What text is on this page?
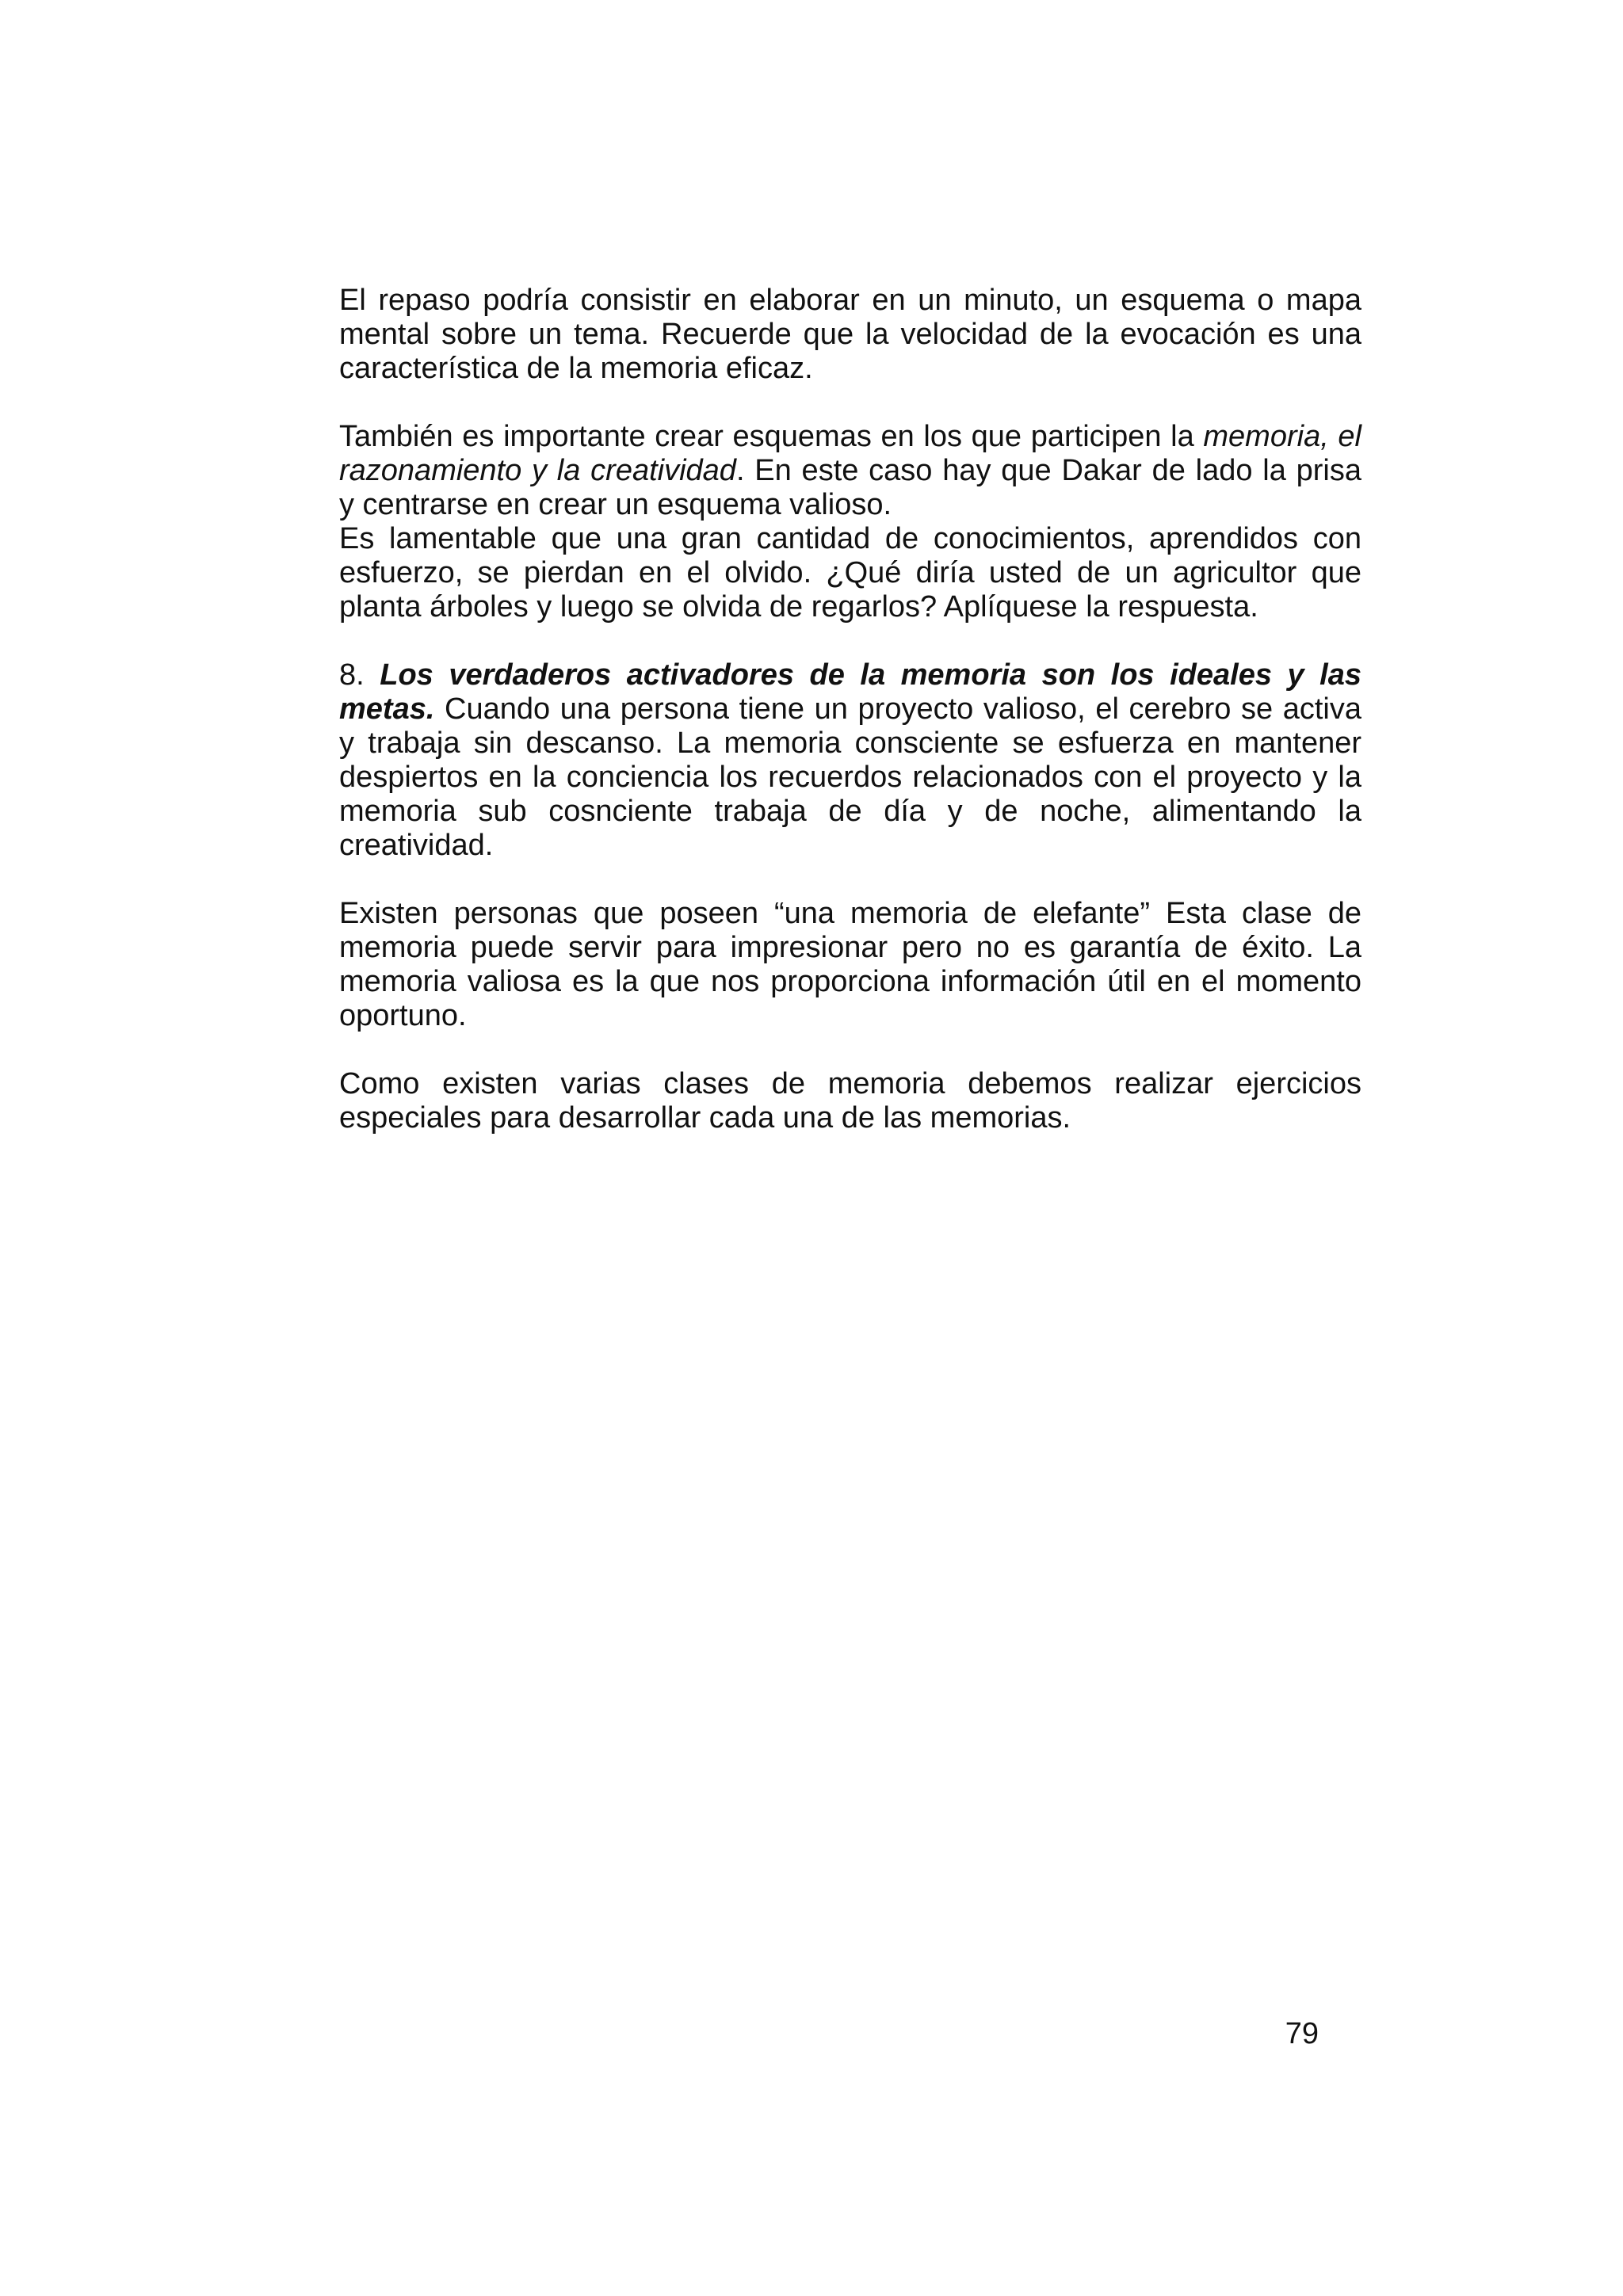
El repaso podría consistir en elaborar en un minuto, un esquema o mapa mental sobre un tema. Recuerde que la velocidad de la evocación es una característica de la memoria eficaz.

También es importante crear esquemas en los que participen la memoria, el razonamiento y la creatividad. En este caso hay que Dakar de lado la prisa y centrarse en crear un esquema valioso.

Es lamentable que una gran cantidad de conocimientos, aprendidos con esfuerzo, se pierdan en el olvido. ¿Qué diría usted de un agricultor que planta árboles y luego se olvida de regarlos? Aplíquese la respuesta.

8. Los verdaderos activadores de la memoria son los ideales y las metas. Cuando una persona tiene un proyecto valioso, el cerebro se activa y trabaja sin descanso. La memoria consciente se esfuerza en mantener despiertos en la conciencia los recuerdos relacionados con el proyecto y la memoria sub cosnciente trabaja de día y de noche, alimentando la creatividad.

Existen personas que poseen “una memoria de elefante” Esta clase de memoria puede servir para impresionar pero no es garantía de éxito. La memoria valiosa es la que nos proporciona información útil en el momento oportuno.

Como existen varias clases de memoria debemos realizar ejercicios especiales para desarrollar cada una de las memorias.

79
